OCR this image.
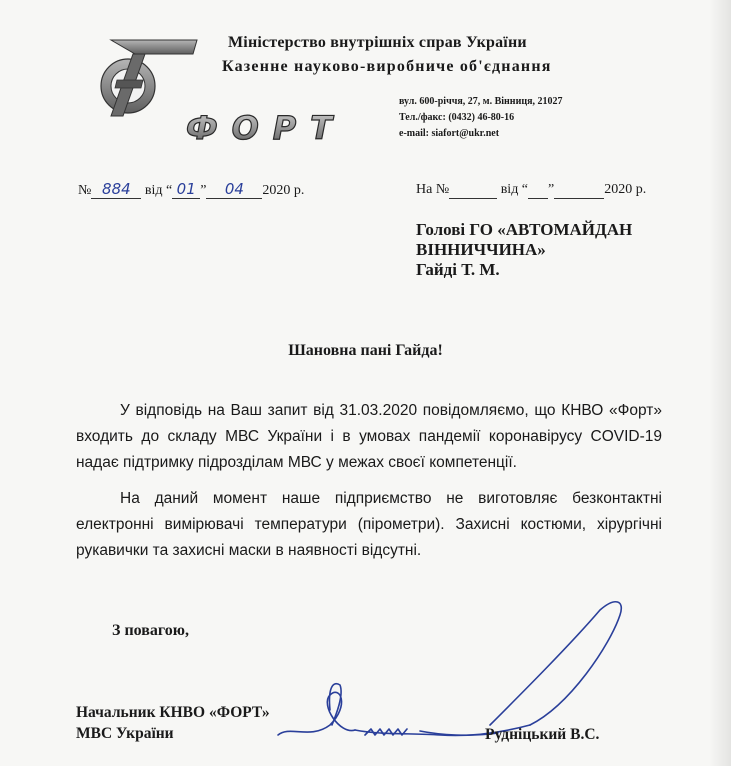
ФОРТ
Міністерство внутрішніх справ України
Казенне науково-виробниче об'єднання
вул. 600-річчя, 27, м. Вінниця, 21027
Тел./факс: (0432) 46-80-16
e-mail: siafort@ukr.net
№ 884 від “ 01 ” 04 2020 р.	На №	від “ ”	2020 р.
Голові ГО «АВТОМАЙДАН
ВІННИЧЧИНА»
Гайді Т. М.
Шановна пані Гайда!
У відповідь на Ваш запит від 31.03.2020 повідомляємо, що КНВО «Форт» входить до складу МВС України і в умовах пандемії коронавірусу COVID-19 надає підтримку підрозділам МВС у межах своєї компетенції.
На даний момент наше підприємство не виготовляє безконтактні електронні вимірювачі температури (пірометри). Захисні костюми, хірургічні рукавички та захисні маски в наявності відсутні.
З повагою,
Начальник КНВО «ФОРТ»
МВС України	Рудніцький В.С.
